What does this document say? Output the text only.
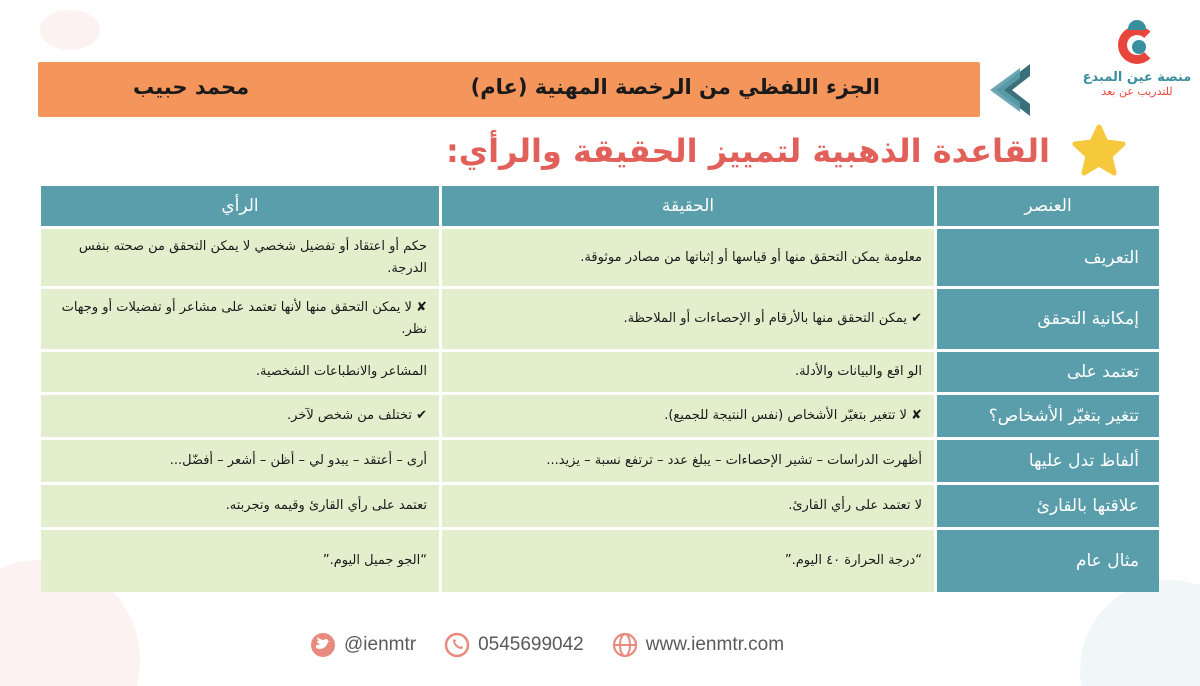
منصة عين المبدع
للتدريب عن بعد
الجزء اللفظي من الرخصة المهنية (عام)
محمد حبيب
القاعدة الذهبية لتمييز الحقيقة والرأي:
العنصر	الحقيقة	الرأي
التعريف	معلومة يمكن التحقق منها أو قياسها أو إثباتها من مصادر موثوقة.	حكم أو اعتقاد أو تفضيل شخصي لا يمكن التحقق من صحته بنفس الدرجة.
إمكانية التحقق	✔ يمكن التحقق منها بالأرقام أو الإحصاءات أو الملاحظة.	✘ لا يمكن التحقق منها لأنها تعتمد على مشاعر أو تفضيلات أو وجهات نظر.
تعتمد على	الو اقع والبيانات والأدلة.	المشاعر والانطباعات الشخصية.
تتغير بتغيّر الأشخاص؟	✘ لا تتغير بتغيّر الأشخاص (نفس النتيجة للجميع).	✔ تختلف من شخص لآخر.
ألفاظ تدل عليها	أظهرت الدراسات – تشير الإحصاءات – يبلغ عدد – ترتفع نسبة – يزيد...	أرى – أعتقد – يبدو لي – أظن – أشعر – أفضّل...
علاقتها بالقارئ	لا تعتمد على رأي القارئ.	تعتمد على رأي القارئ وقيمه وتجربته.
مثال عام	“درجة الحرارة ٤٠ اليوم.”	“الجو جميل اليوم.”
@ienmtr	0545699042	www.ienmtr.com
